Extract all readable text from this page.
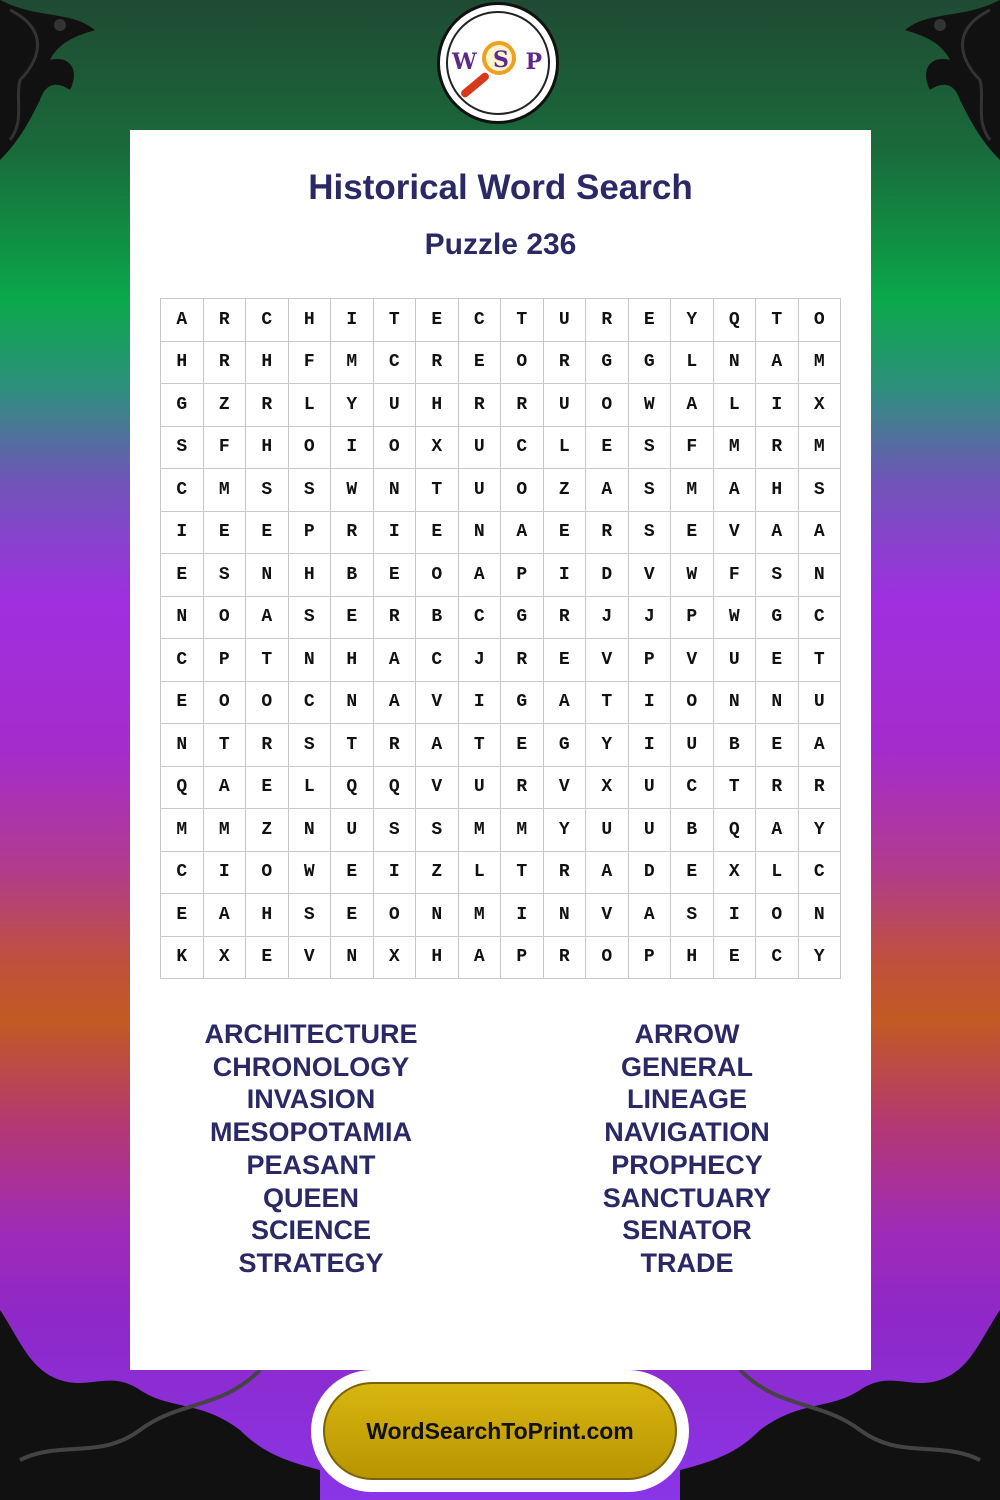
W S P
Historical Word Search
Puzzle 236
A	R	C	H	I	T	E	C	T	U	R	E	Y	Q	T	O
H	R	H	F	M	C	R	E	O	R	G	G	L	N	A	M
G	Z	R	L	Y	U	H	R	R	U	O	W	A	L	I	X
S	F	H	O	I	O	X	U	C	L	E	S	F	M	R	M
C	M	S	S	W	N	T	U	O	Z	A	S	M	A	H	S
I	E	E	P	R	I	E	N	A	E	R	S	E	V	A	A
E	S	N	H	B	E	O	A	P	I	D	V	W	F	S	N
N	O	A	S	E	R	B	C	G	R	J	J	P	W	G	C
C	P	T	N	H	A	C	J	R	E	V	P	V	U	E	T
E	O	O	C	N	A	V	I	G	A	T	I	O	N	N	U
N	T	R	S	T	R	A	T	E	G	Y	I	U	B	E	A
Q	A	E	L	Q	Q	V	U	R	V	X	U	C	T	R	R
M	M	Z	N	U	S	S	M	M	Y	U	U	B	Q	A	Y
C	I	O	W	E	I	Z	L	T	R	A	D	E	X	L	C
E	A	H	S	E	O	N	M	I	N	V	A	S	I	O	N
K	X	E	V	N	X	H	A	P	R	O	P	H	E	C	Y
ARCHITECTURE
CHRONOLOGY
INVASION
MESOPOTAMIA
PEASANT
QUEEN
SCIENCE
STRATEGY
ARROW
GENERAL
LINEAGE
NAVIGATION
PROPHECY
SANCTUARY
SENATOR
TRADE
WordSearchToPrint.com
